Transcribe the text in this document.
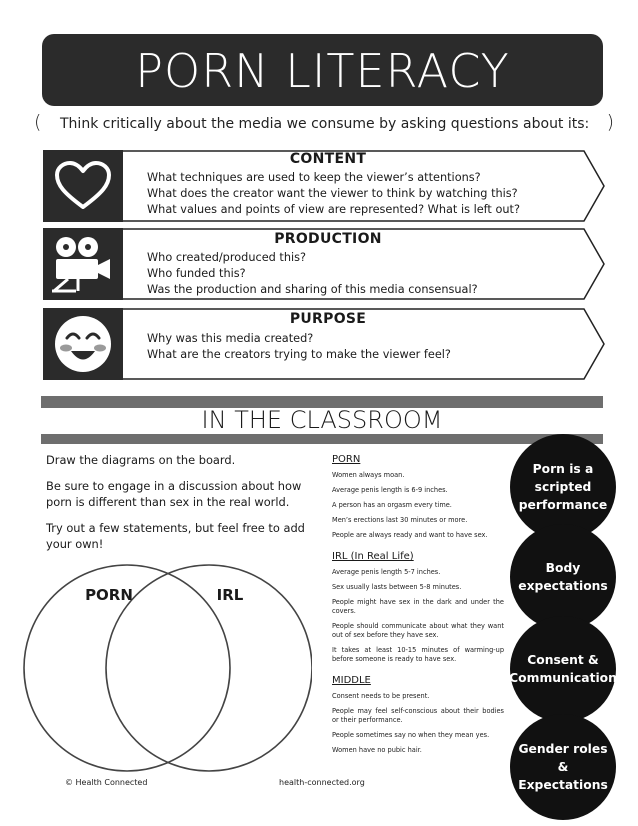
PORN LITERACY
( Think critically about the media we consume by asking questions about its: )
CONTENT
What techniques are used to keep the viewer’s attentions?
What does the creator want the viewer to think by watching this?
What values and points of view are represented? What is left out?
PRODUCTION
Who created/produced this?
Who funded this?
Was the production and sharing of this media consensual?
PURPOSE
Why was this media created?
What are the creators trying to make the viewer feel?
IN THE CLASSROOM

Draw the diagrams on the board.

Be sure to engage in a discussion about how porn is different than sex in the real world.

Try out a few statements, but feel free to add your own!

PORN	IRL
PORN
Women always moan.
Average penis length is 6-9 inches.
A person has an orgasm every time.
Men’s erections last 30 minutes or more.
People are always ready and want to have sex.
IRL (In Real Life)
Average penis length 5-7 inches.
Sex usually lasts between 5-8 minutes.
People might have sex in the dark and under the covers.
People should communicate about what they want out of sex before they have sex.
It takes at least 10-15 minutes of warming-up before someone is ready to have sex.
MIDDLE
Consent needs to be present.
People may feel self-conscious about their bodies or their performance.
People sometimes say no when they mean yes.
Women have no pubic hair.
Porn is a scripted performance
Body expectations
Consent & Communication
Gender roles & Expectations
© Health Connected	health-connected.org
